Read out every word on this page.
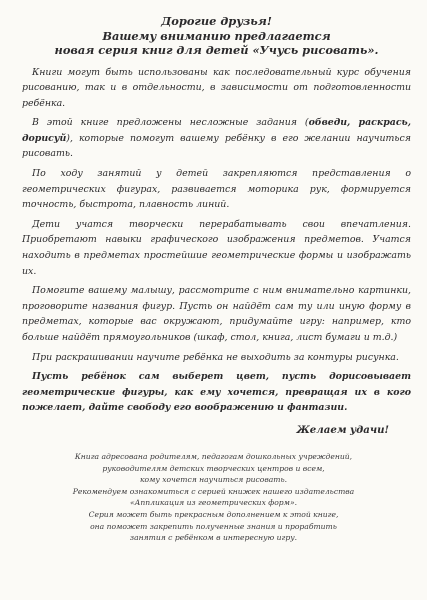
Дорогие друзья!
Вашему вниманию предлагается
новая серия книг для детей «Учусь рисовать».

Книги могут быть использованы как последовательный курс обучения рисованию, так и в отдельности, в зависимости от подготовленности ребёнка.

В этой книге предложены несложные задания (обведи, раскрась, дорисуй), которые помогут вашему ребёнку в его желании научиться рисовать.

По ходу занятий у детей закрепляются представления о геометрических фигурах, развивается моторика рук, формируется точность, быстрота, плавность линий.

Дети учатся творчески перерабатывать свои впечатления. Приобретают навыки графического изображения предметов. Учатся находить в предметах простейшие геометрические формы и изображать их.

Помогите вашему малышу, рассмотрите с ним внимательно картинки, проговорите названия фигур. Пусть он найдёт сам ту или иную форму в предметах, которые вас окружают, придумайте игру: например, кто больше найдёт прямоугольников (шкаф, стол, книга, лист бумаги и т.д.)

При раскрашивании научите ребёнка не выходить за контуры рисунка.

Пусть ребёнок сам выберет цвет, пусть дорисовывает геометрические фигуры, как ему хочется, превращая их в кого пожелает, дайте свободу его воображению и фантазии.

Желаем удачи!
Книга адресована родителям, педагогам дошкольных учреждений,
руководителям детских творческих центров и всем,
кому хочется научиться рисовать.
Рекомендуем ознакомиться с серией книжек нашего издательства
«Аппликация из геометрических форм».
Серия может быть прекрасным дополнением к этой книге,
она поможет закрепить полученные знания и прорабтить
занятия с ребёнком в интересную игру.
